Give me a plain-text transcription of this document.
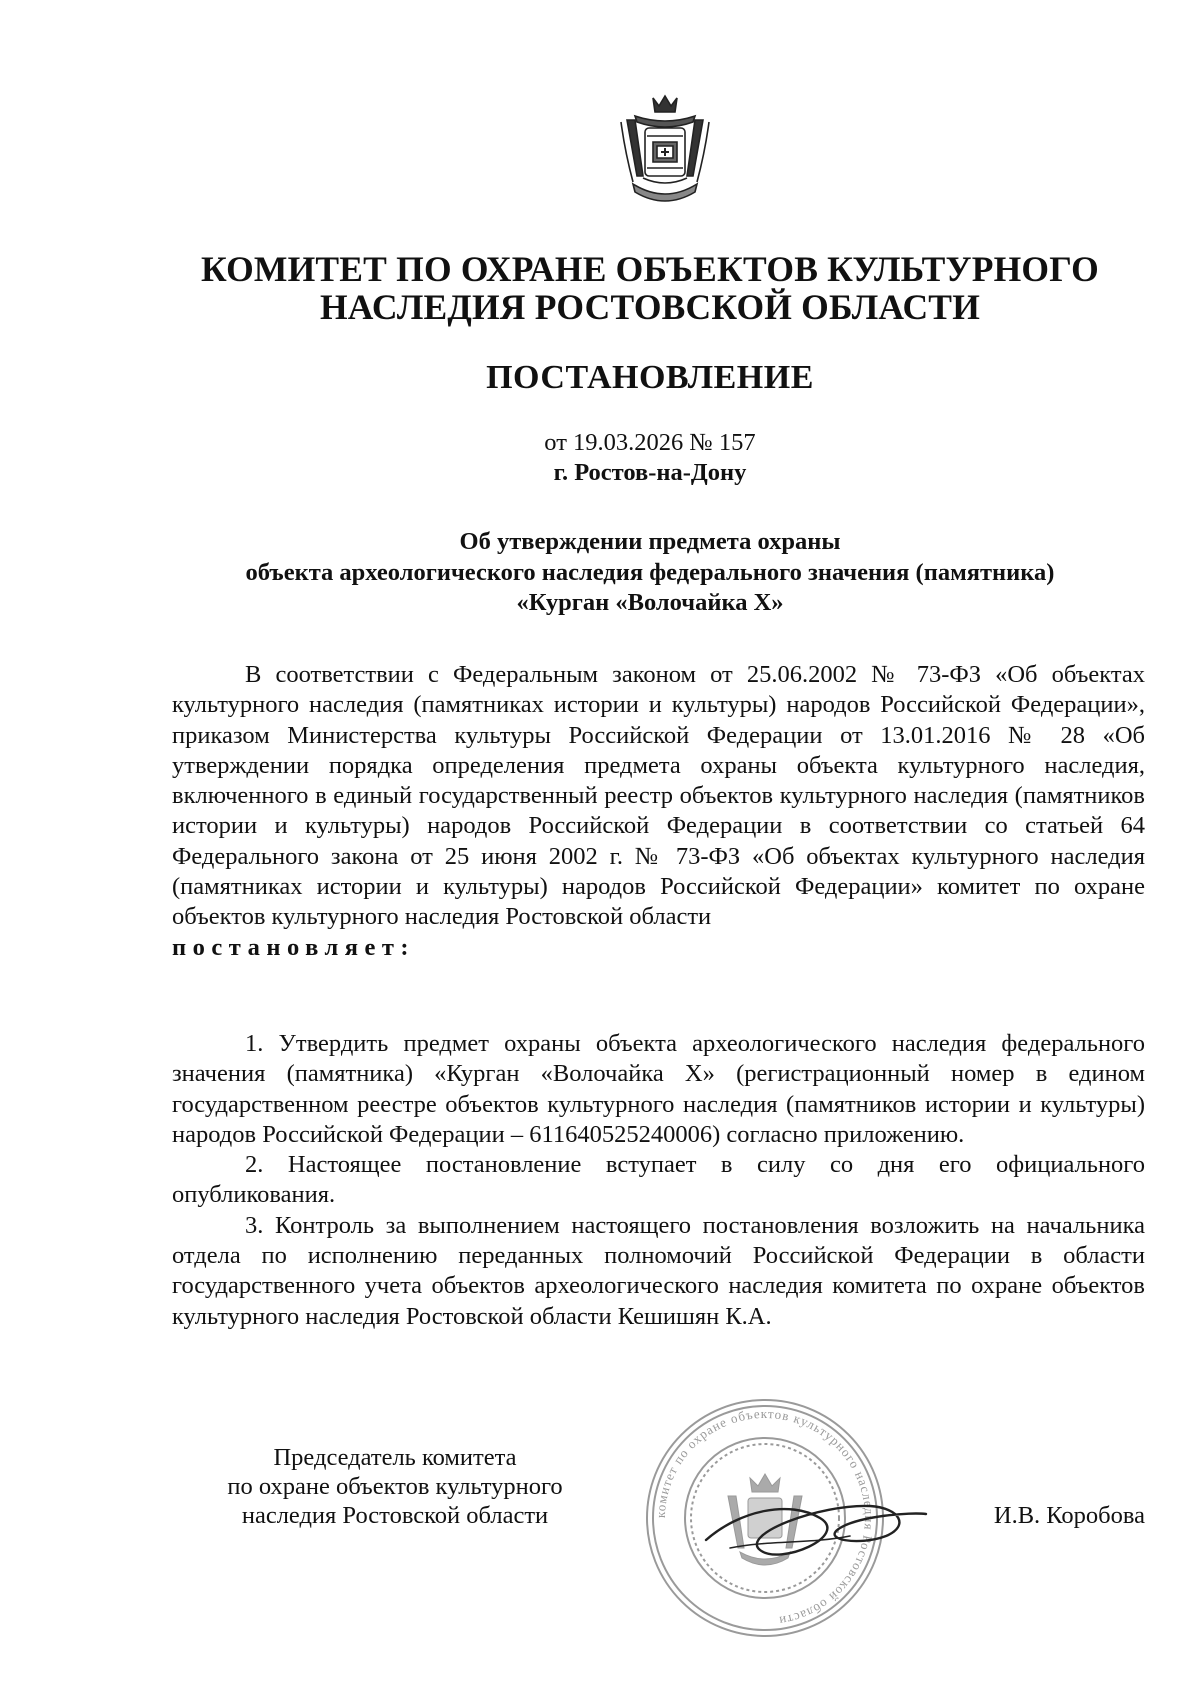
КОМИТЕТ ПО ОХРАНЕ ОБЪЕКТОВ КУЛЬТУРНОГО
НАСЛЕДИЯ РОСТОВСКОЙ ОБЛАСТИ
ПОСТАНОВЛЕНИЕ
от 19.03.2026 № 157
г. Ростов-на-Дону
Об утверждении предмета охраны
объекта археологического наследия федерального значения (памятника)
«Курган «Волочайка X»

В соответствии с Федеральным законом от 25.06.2002 № 73-ФЗ «Об объектах культурного наследия (памятниках истории и культуры) народов Российской Федерации», приказом Министерства культуры Российской Федерации от 13.01.2016 № 28 «Об утверждении порядка определения предмета охраны объекта культурного наследия, включенного в единый государственный реестр объектов культурного наследия (памятников истории и культуры) народов Российской Федерации в соответствии со статьей 64 Федерального закона от 25 июня 2002 г. № 73-ФЗ «Об объектах культурного наследия (памятниках истории и культуры) народов Российской Федерации» комитет по охране объектов культурного наследия Ростовской области

постановляет:

1. Утвердить предмет охраны объекта археологического наследия федерального значения (памятника) «Курган «Волочайка X» (регистрационный номер в едином государственном реестре объектов культурного наследия (памятников истории и культуры) народов Российской Федерации – 611640525240006) согласно приложению.

2. Настоящее постановление вступает в силу со дня его официального опубликования.

3. Контроль за выполнением настоящего постановления возложить на начальника отдела по исполнению переданных полномочий Российской Федерации в области государственного учета объектов археологического наследия комитета по охране объектов культурного наследия Ростовской области Кешишян К.А.

комитет по охране объектов культурного наследия Ростовской области
Председатель комитета
по охране объектов культурного
наследия Ростовской области	И.В. Коробова
